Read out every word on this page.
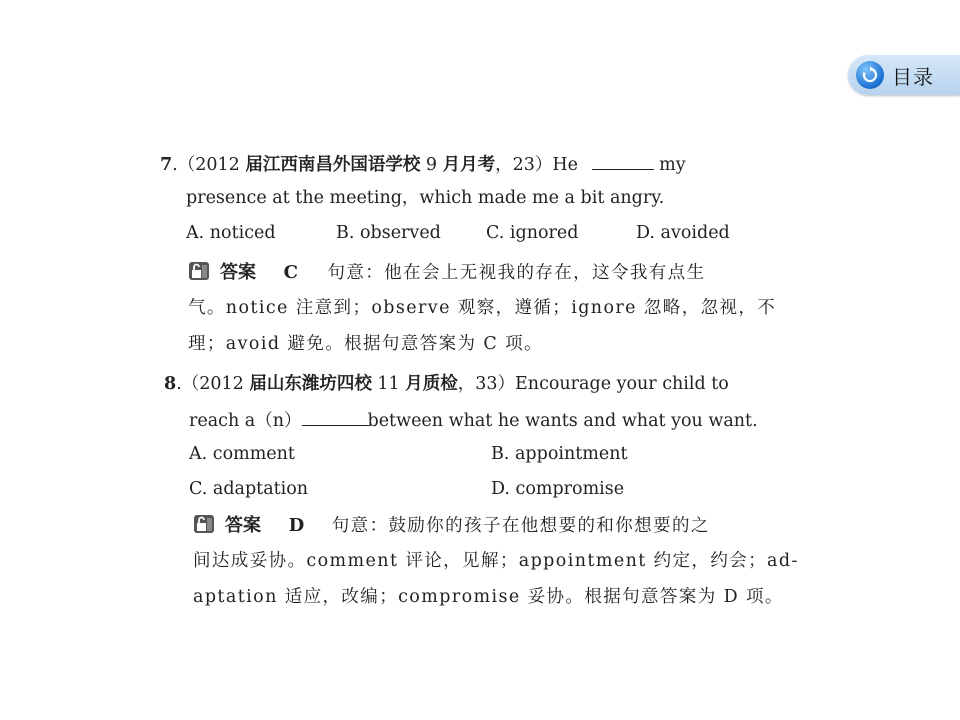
目录
7.（2012 届江西南昌外国语学校 9 月月考，23）He	my
presence at the meeting，which made me a bit angry.
A. noticed	B. observed	C. ignored	D. avoided
答案 C 句意：他在会上无视我的存在，这令我有点生
气。notice 注意到；observe 观察，遵循；ignore 忽略，忽视，不
理；avoid 避免。根据句意答案为 C 项。
8.（2012 届山东潍坊四校 11 月质检，33）Encourage your child to
reach a（n）	between what he wants and what you want.
A. comment	B. appointment
C. adaptation	D. compromise
答案 D 句意：鼓励你的孩子在他想要的和你想要的之
间达成妥协。comment 评论，见解；appointment 约定，约会；ad-
aptation 适应，改编；compromise 妥协。根据句意答案为 D 项。
